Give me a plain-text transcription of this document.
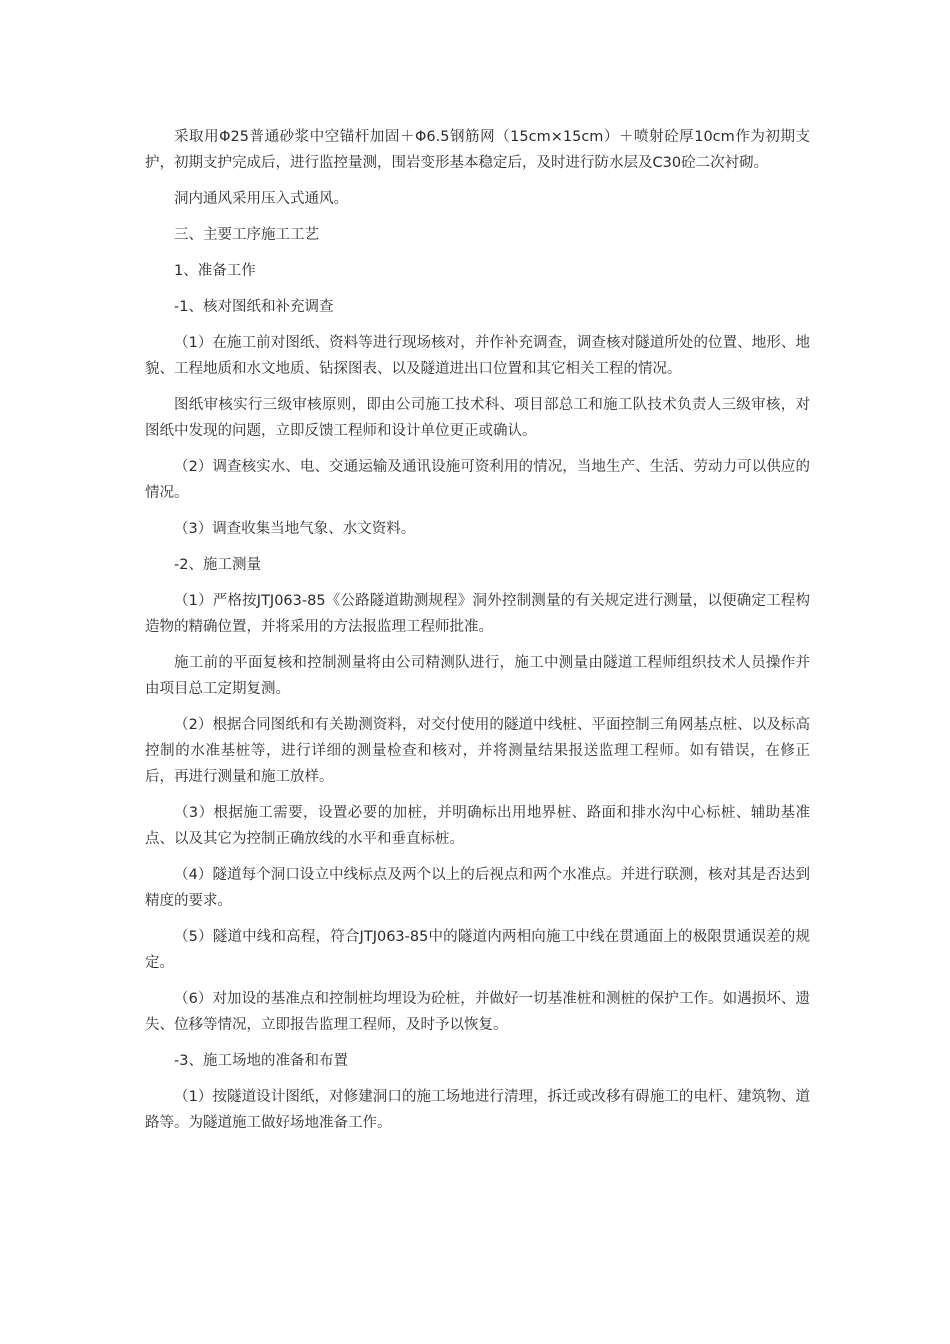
采取用Φ25普通砂浆中空锚杆加固＋Φ6.5钢筋网（15cm×15cm）＋喷射砼厚10cm作为初期支护，初期支护完成后，进行监控量测，围岩变形基本稳定后，及时进行防水层及C30砼二次衬砌。

洞内通风采用压入式通风。

三、主要工序施工工艺

1、准备工作

-1、核对图纸和补充调查

（1）在施工前对图纸、资料等进行现场核对，并作补充调查，调查核对隧道所处的位置、地形、地貌、工程地质和水文地质、钻探图表、以及隧道进出口位置和其它相关工程的情况。

图纸审核实行三级审核原则，即由公司施工技术科、项目部总工和施工队技术负责人三级审核，对图纸中发现的问题，立即反馈工程师和设计单位更正或确认。

（2）调查核实水、电、交通运输及通讯设施可资利用的情况，当地生产、生活、劳动力可以供应的情况。

（3）调查收集当地气象、水文资料。

-2、施工测量

（1）严格按JTJ063-85《公路隧道勘测规程》洞外控制测量的有关规定进行测量，以便确定工程构造物的精确位置，并将采用的方法报监理工程师批准。

施工前的平面复核和控制测量将由公司精测队进行，施工中测量由隧道工程师组织技术人员操作并由项目总工定期复测。

（2）根据合同图纸和有关勘测资料，对交付使用的隧道中线桩、平面控制三角网基点桩、以及标高控制的水准基桩等，进行详细的测量检查和核对，并将测量结果报送监理工程师。如有错误，在修正后，再进行测量和施工放样。

（3）根据施工需要，设置必要的加桩，并明确标出用地界桩、路面和排水沟中心标桩、辅助基准点、以及其它为控制正确放线的水平和垂直标桩。

（4）隧道每个洞口设立中线标点及两个以上的后视点和两个水准点。并进行联测，核对其是否达到精度的要求。

（5）隧道中线和高程，符合JTJ063-85中的隧道内两相向施工中线在贯通面上的极限贯通误差的规定。

（6）对加设的基准点和控制桩均埋设为砼桩，并做好一切基准桩和测桩的保护工作。如遇损坏、遗失、位移等情况，立即报告监理工程师，及时予以恢复。

-3、施工场地的准备和布置

（1）按隧道设计图纸，对修建洞口的施工场地进行清理，拆迁或改移有碍施工的电杆、建筑物、道路等。为隧道施工做好场地准备工作。
